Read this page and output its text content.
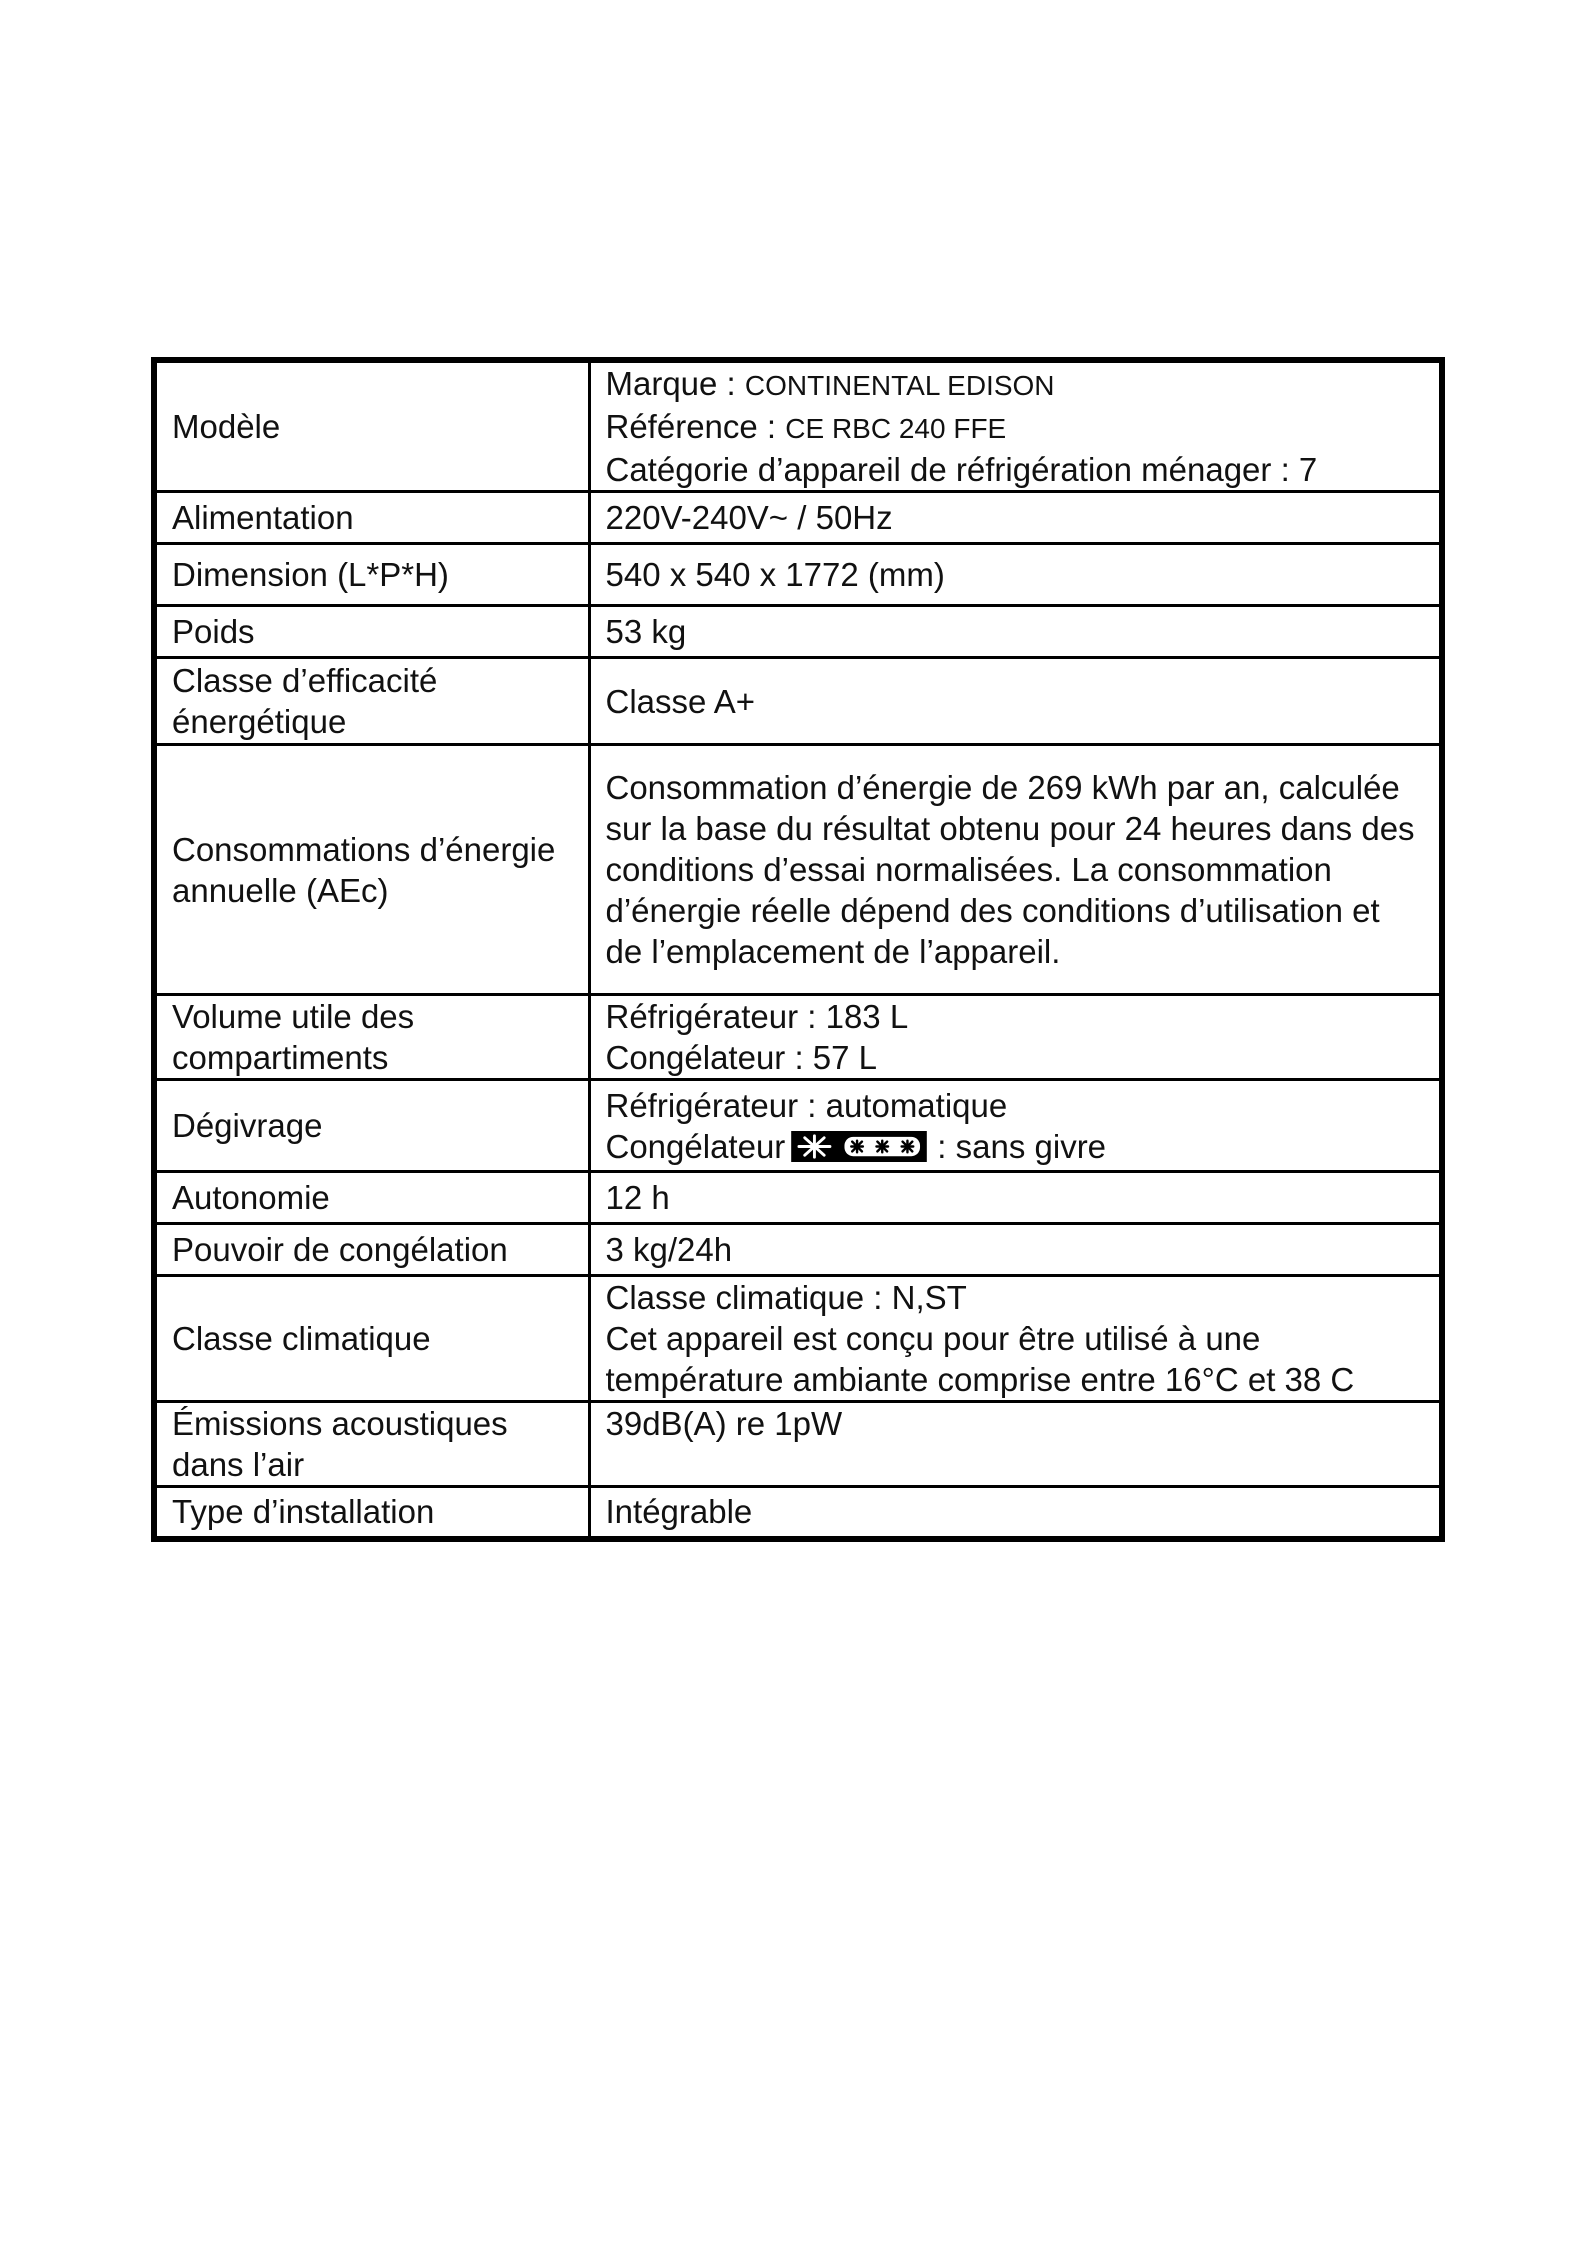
Modèle	Marque : CONTINENTAL EDISON
Référence : CE RBC 240 FFE
Catégorie d’appareil de réfrigération ménager : 7

Alimentation	220V-240V~ / 50Hz
Dimension (L*P*H)	540 x 540 x 1772 (mm)
Poids	53 kg
Classe d’efficacité énergétique	Classe A+
Consommations d’énergie annuelle (AEc)	Consommation d’énergie de 269 kWh par an, calculée sur la base du résultat obtenu pour 24 heures dans des conditions d’essai normalisées. La consommation d’énergie réelle dépend des conditions d’utilisation et de l’emplacement de l’appareil.
Volume utile des compartiments	Réfrigérateur : 183 L
Congélateur : 57 L

Dégivrage	Réfrigérateur : automatique
Congélateur : sans givre

Autonomie	12 h
Pouvoir de congélation	3 kg/24h
Classe climatique	Classe climatique : N,ST
Cet appareil est conçu pour être utilisé à une
température ambiante comprise entre 16°C et 38 C

Émissions acoustiques dans l’air	39dB(A) re 1pW
Type d’installation	Intégrable
